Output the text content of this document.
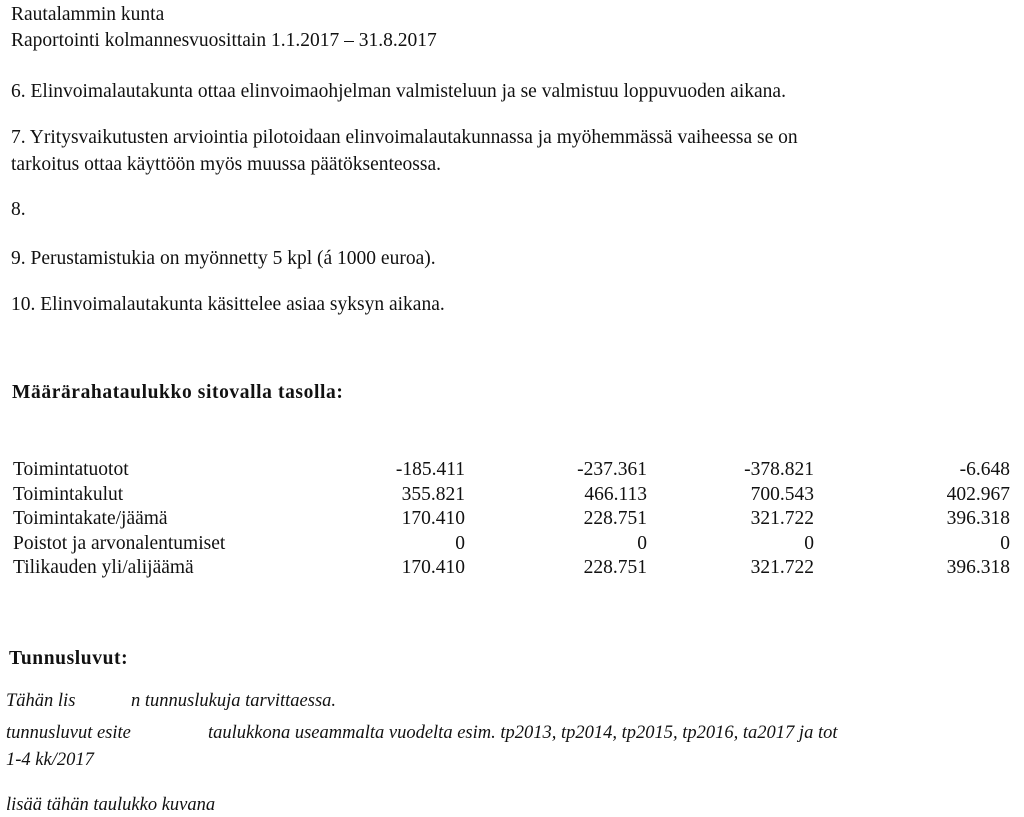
Rautalammin kunta
Raportointi kolmannesvuosittain 1.1.2017 – 31.8.2017
6. Elinvoimalautakunta ottaa elinvoimaohjelman valmisteluun ja se valmistuu loppuvuoden aikana.
7. Yritysvaikutusten arviointia pilotoidaan elinvoimalautakunnassa ja myöhemmässä vaiheessa se on
tarkoitus ottaa käyttöön myös muussa päätöksenteossa.
8.
9. Perustamistukia on myönnetty 5 kpl (á 1000 euroa).
10. Elinvoimalautakunta käsittelee asiaa syksyn aikana.
Määrärahataulukko sitovalla tasolla:
Toimintatuotot	-185.411	-237.361	-378.821	-6.648
Toimintakulut	355.821	466.113	700.543	402.967
Toimintakate/jäämä	170.410	228.751	321.722	396.318
Poistot ja arvonalentumiset	0	0	0	0
Tilikauden yli/alijäämä	170.410	228.751	321.722	396.318
Tunnusluvut:
Tähän lis	n tunnuslukuja tarvittaessa.
tunnusluvut esite	taulukkona useammalta vuodelta esim. tp2013, tp2014, tp2015, tp2016, ta2017 ja tot
1-4 kk/2017
lisää tähän taulukko kuvana
